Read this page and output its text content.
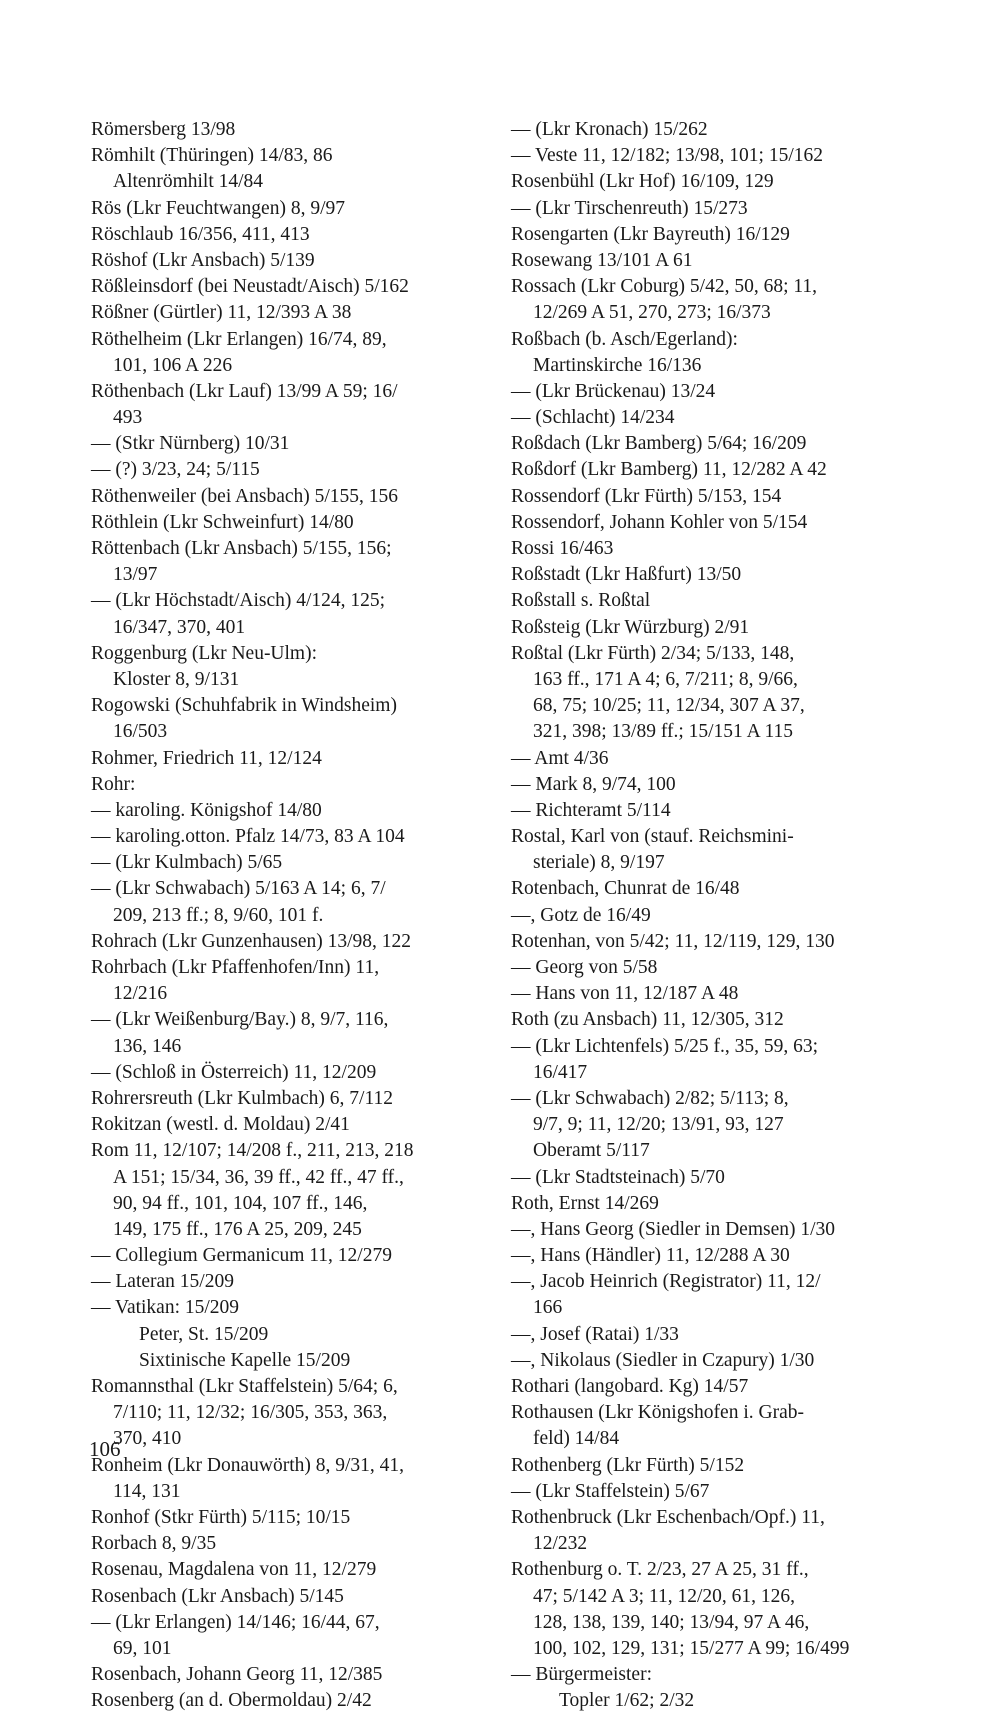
Römersberg 13/98
Römhilt (Thüringen) 14/83, 86
Altenrömhilt 14/84
Rös (Lkr Feuchtwangen) 8, 9/97
Röschlaub 16/356, 411, 413
Röshof (Lkr Ansbach) 5/139
Rößleinsdorf (bei Neustadt/Aisch) 5/162
Rößner (Gürtler) 11, 12/393 A 38
Röthelheim (Lkr Erlangen) 16/74, 89,
101, 106 A 226
Röthenbach (Lkr Lauf) 13/99 A 59; 16/
493
— (Stkr Nürnberg) 10/31
— (?) 3/23, 24; 5/115
Röthenweiler (bei Ansbach) 5/155, 156
Röthlein (Lkr Schweinfurt) 14/80
Röttenbach (Lkr Ansbach) 5/155, 156;
13/97
— (Lkr Höchstadt/Aisch) 4/124, 125;
16/347, 370, 401
Roggenburg (Lkr Neu-Ulm):
Kloster 8, 9/131
Rogowski (Schuhfabrik in Windsheim)
16/503
Rohmer, Friedrich 11, 12/124
Rohr:
— karoling. Königshof 14/80
— karoling.otton. Pfalz 14/73, 83 A 104
— (Lkr Kulmbach) 5/65
— (Lkr Schwabach) 5/163 A 14; 6, 7/
209, 213 ff.; 8, 9/60, 101 f.
Rohrach (Lkr Gunzenhausen) 13/98, 122
Rohrbach (Lkr Pfaffenhofen/Inn) 11,
12/216
— (Lkr Weißenburg/Bay.) 8, 9/7, 116,
136, 146
— (Schloß in Österreich) 11, 12/209
Rohrersreuth (Lkr Kulmbach) 6, 7/112
Rokitzan (westl. d. Moldau) 2/41
Rom 11, 12/107; 14/208 f., 211, 213, 218
A 151; 15/34, 36, 39 ff., 42 ff., 47 ff.,
90, 94 ff., 101, 104, 107 ff., 146,
149, 175 ff., 176 A 25, 209, 245
— Collegium Germanicum 11, 12/279
— Lateran 15/209
— Vatikan: 15/209
Peter, St. 15/209
Sixtinische Kapelle 15/209
Romannsthal (Lkr Staffelstein) 5/64; 6,
7/110; 11, 12/32; 16/305, 353, 363,
370, 410
Ronheim (Lkr Donauwörth) 8, 9/31, 41,
114, 131
Ronhof (Stkr Fürth) 5/115; 10/15
Rorbach 8, 9/35
Rosenau, Magdalena von 11, 12/279
Rosenbach (Lkr Ansbach) 5/145
— (Lkr Erlangen) 14/146; 16/44, 67,
69, 101
Rosenbach, Johann Georg 11, 12/385
Rosenberg (an d. Obermoldau) 2/42
— (Lkr Kronach) 15/262
— Veste 11, 12/182; 13/98, 101; 15/162
Rosenbühl (Lkr Hof) 16/109, 129
— (Lkr Tirschenreuth) 15/273
Rosengarten (Lkr Bayreuth) 16/129
Rosewang 13/101 A 61
Rossach (Lkr Coburg) 5/42, 50, 68; 11,
12/269 A 51, 270, 273; 16/373
Roßbach (b. Asch/Egerland):
Martinskirche 16/136
— (Lkr Brückenau) 13/24
— (Schlacht) 14/234
Roßdach (Lkr Bamberg) 5/64; 16/209
Roßdorf (Lkr Bamberg) 11, 12/282 A 42
Rossendorf (Lkr Fürth) 5/153, 154
Rossendorf, Johann Kohler von 5/154
Rossi 16/463
Roßstadt (Lkr Haßfurt) 13/50
Roßstall s. Roßtal
Roßsteig (Lkr Würzburg) 2/91
Roßtal (Lkr Fürth) 2/34; 5/133, 148,
163 ff., 171 A 4; 6, 7/211; 8, 9/66,
68, 75; 10/25; 11, 12/34, 307 A 37,
321, 398; 13/89 ff.; 15/151 A 115
— Amt 4/36
— Mark 8, 9/74, 100
— Richteramt 5/114
Rostal, Karl von (stauf. Reichsmini-
steriale) 8, 9/197
Rotenbach, Chunrat de 16/48
—, Gotz de 16/49
Rotenhan, von 5/42; 11, 12/119, 129, 130
— Georg von 5/58
— Hans von 11, 12/187 A 48
Roth (zu Ansbach) 11, 12/305, 312
— (Lkr Lichtenfels) 5/25 f., 35, 59, 63;
16/417
— (Lkr Schwabach) 2/82; 5/113; 8,
9/7, 9; 11, 12/20; 13/91, 93, 127
Oberamt 5/117
— (Lkr Stadtsteinach) 5/70
Roth, Ernst 14/269
—, Hans Georg (Siedler in Demsen) 1/30
—, Hans (Händler) 11, 12/288 A 30
—, Jacob Heinrich (Registrator) 11, 12/
166
—, Josef (Ratai) 1/33
—, Nikolaus (Siedler in Czapury) 1/30
Rothari (langobard. Kg) 14/57
Rothausen (Lkr Königshofen i. Grab-
feld) 14/84
Rothenberg (Lkr Fürth) 5/152
— (Lkr Staffelstein) 5/67
Rothenbruck (Lkr Eschenbach/Opf.) 11,
12/232
Rothenburg o. T. 2/23, 27 A 25, 31 ff.,
47; 5/142 A 3; 11, 12/20, 61, 126,
128, 138, 139, 140; 13/94, 97 A 46,
100, 102, 129, 131; 15/277 A 99; 16/499
— Bürgermeister:
Topler 1/62; 2/32
106
